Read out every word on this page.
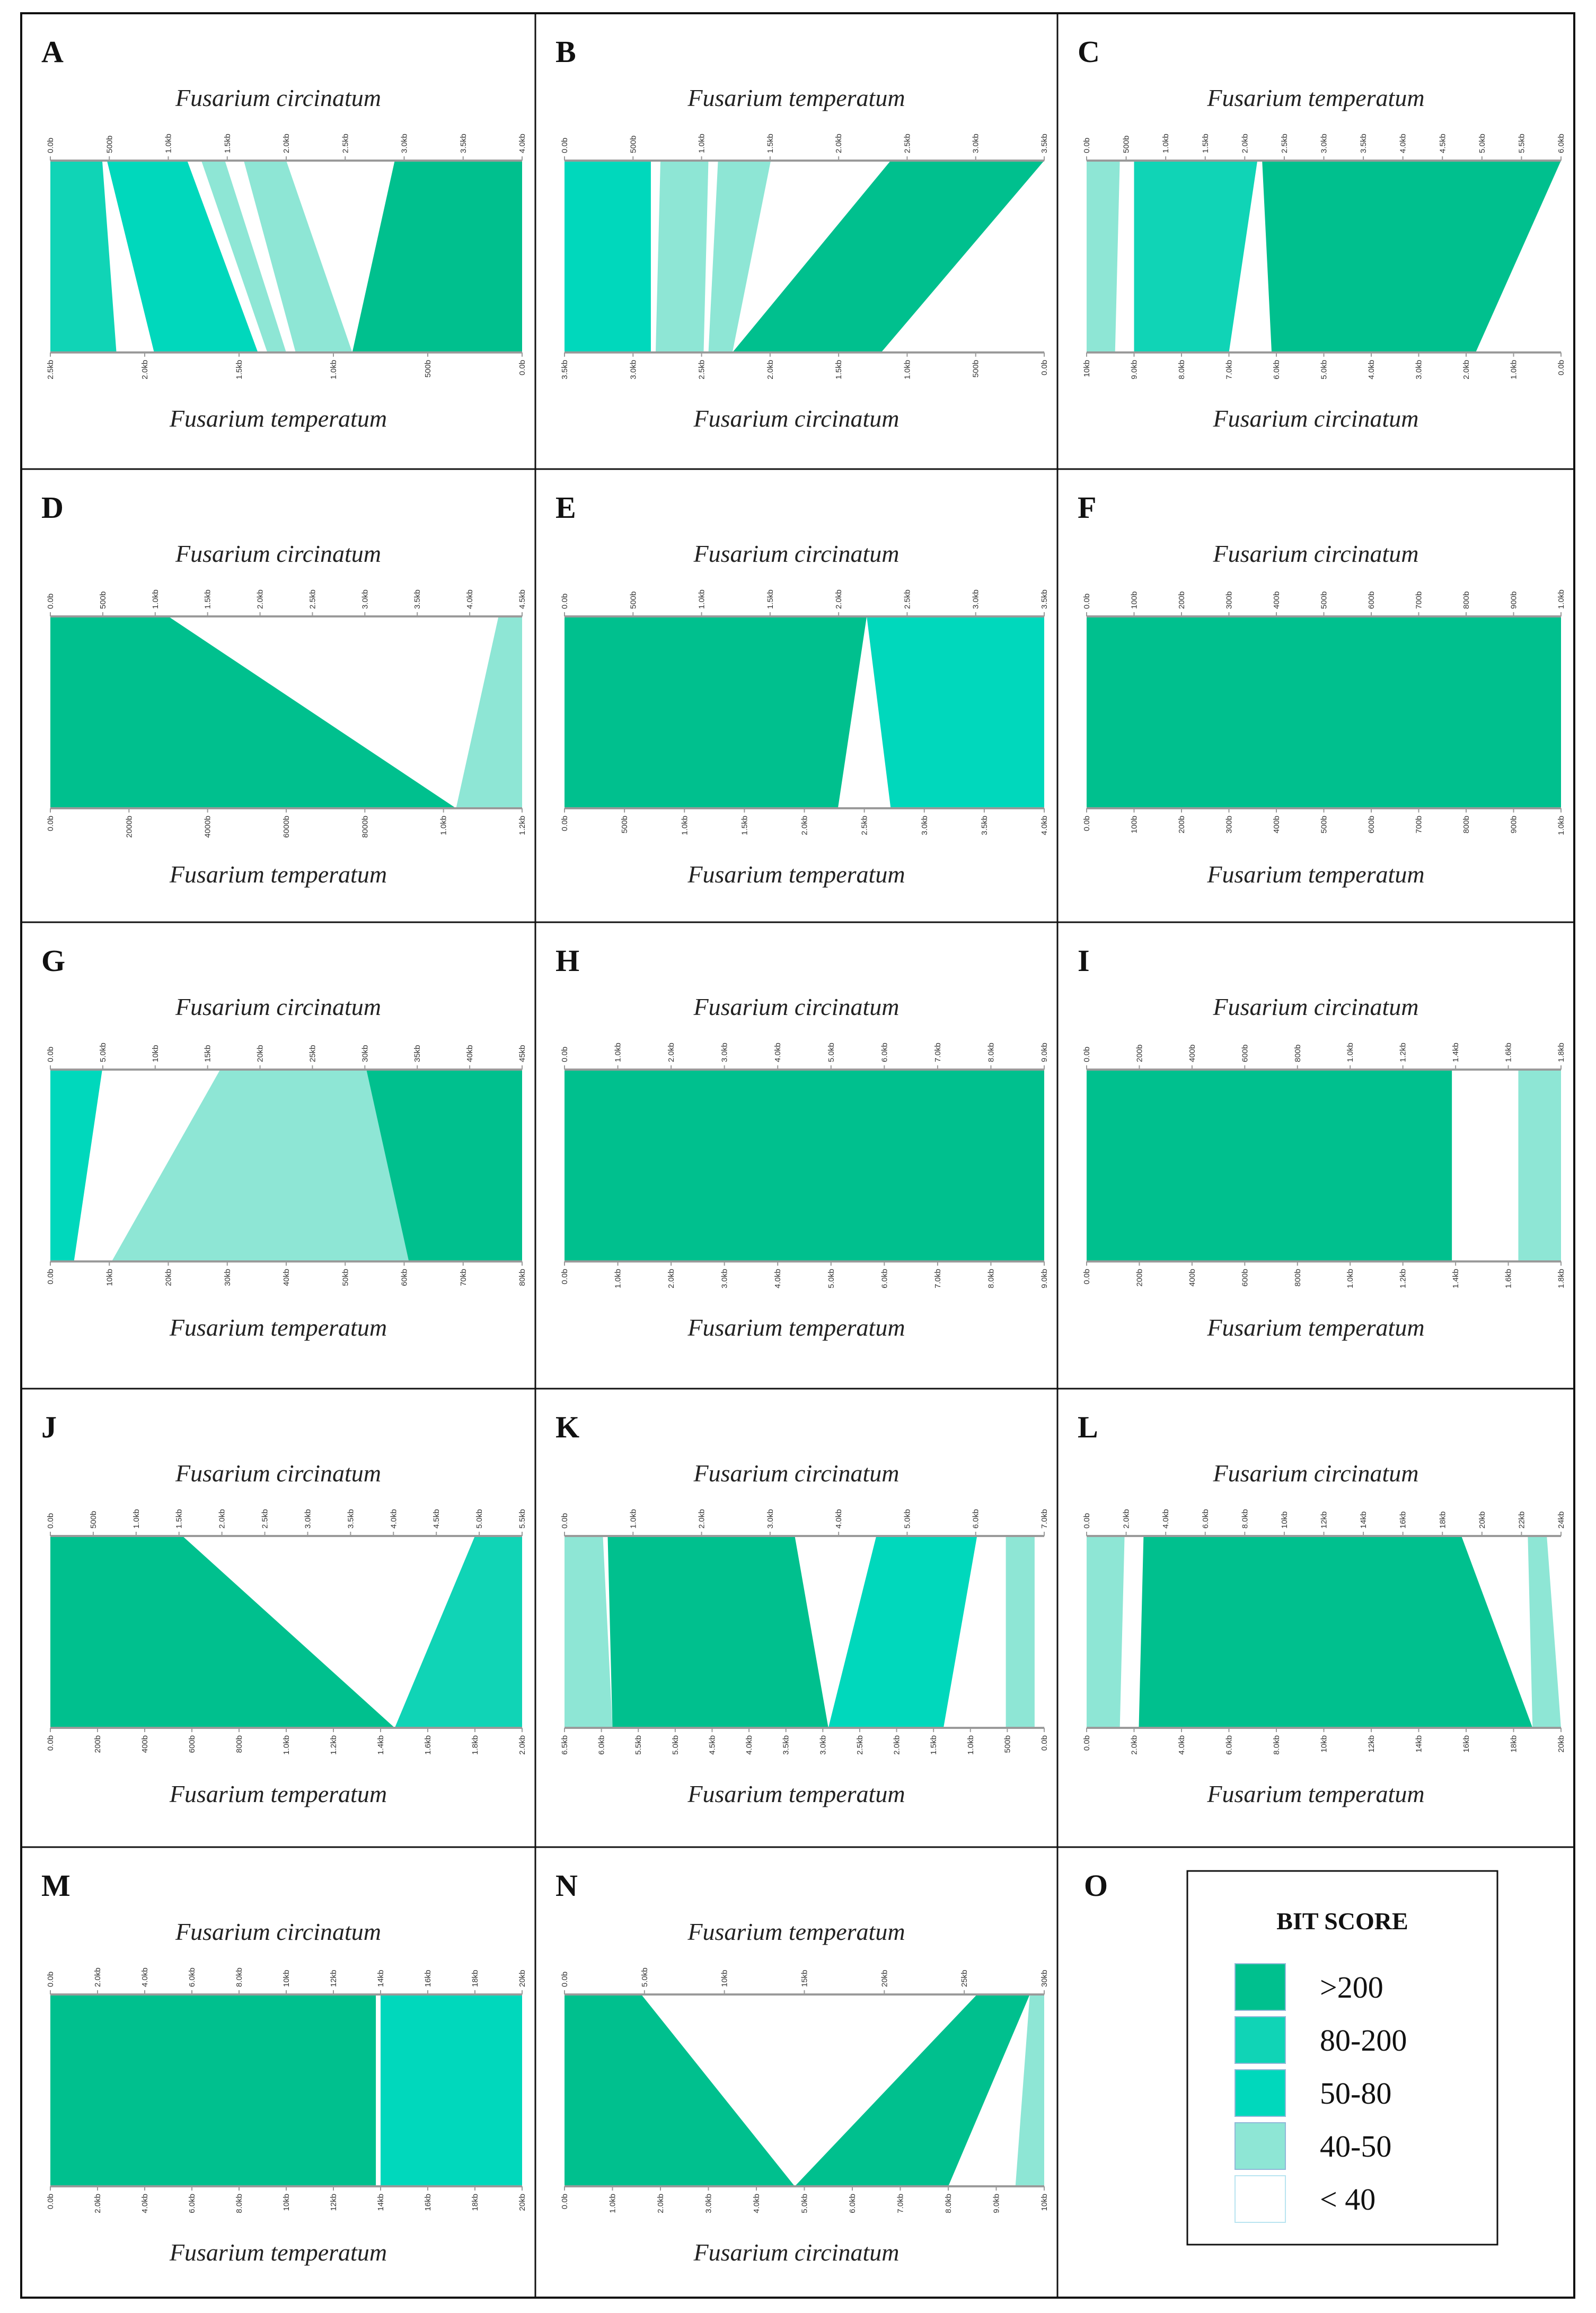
A
Fusarium circinatum
Fusarium temperatum
0.0b	500b	1.0kb	1.5kb	2.0kb	2.5kb	3.0kb	3.5kb	4.0kb
2.5kb	2.0kb	1.5kb	1.0kb	500b	0.0b
B
Fusarium temperatum
Fusarium circinatum
0.0b	500b	1.0kb	1.5kb	2.0kb	2.5kb	3.0kb	3.5kb
3.5kb	3.0kb	2.5kb	2.0kb	1.5kb	1.0kb	500b	0.0b
C
Fusarium temperatum
Fusarium circinatum
0.0b	500b	1.0kb	1.5kb	2.0kb	2.5kb	3.0kb	3.5kb	4.0kb	4.5kb	5.0kb	5.5kb	6.0kb
10kb	9.0kb	8.0kb	7.0kb	6.0kb	5.0kb	4.0kb	3.0kb	2.0kb	1.0kb	0.0b
D
Fusarium circinatum
Fusarium temperatum
0.0b	500b	1.0kb	1.5kb	2.0kb	2.5kb	3.0kb	3.5kb	4.0kb	4.5kb
0.0b	2000b	4000b	6000b	8000b	1.0kb	1.2kb
E
Fusarium circinatum
Fusarium temperatum
0.0b	500b	1.0kb	1.5kb	2.0kb	2.5kb	3.0kb	3.5kb
0.0b	500b	1.0kb	1.5kb	2.0kb	2.5kb	3.0kb	3.5kb	4.0kb
F
Fusarium circinatum
Fusarium temperatum
0.0b	100b	200b	300b	400b	500b	600b	700b	800b	900b	1.0kb
0.0b	100b	200b	300b	400b	500b	600b	700b	800b	900b	1.0kb
G
Fusarium circinatum
Fusarium temperatum
0.0b	5.0kb	10kb	15kb	20kb	25kb	30kb	35kb	40kb	45kb
0.0b	10kb	20kb	30kb	40kb	50kb	60kb	70kb	80kb
H
Fusarium circinatum
Fusarium temperatum
0.0b	1.0kb	2.0kb	3.0kb	4.0kb	5.0kb	6.0kb	7.0kb	8.0kb	9.0kb
0.0b	1.0kb	2.0kb	3.0kb	4.0kb	5.0kb	6.0kb	7.0kb	8.0kb	9.0kb
I
Fusarium circinatum
Fusarium temperatum
0.0b	200b	400b	600b	800b	1.0kb	1.2kb	1.4kb	1.6kb	1.8kb
0.0b	200b	400b	600b	800b	1.0kb	1.2kb	1.4kb	1.6kb	1.8kb
J
Fusarium circinatum
Fusarium temperatum
0.0b	500b	1.0kb	1.5kb	2.0kb	2.5kb	3.0kb	3.5kb	4.0kb	4.5kb	5.0kb	5.5kb
0.0b	200b	400b	600b	800b	1.0kb	1.2kb	1.4kb	1.6kb	1.8kb	2.0kb
K
Fusarium circinatum
Fusarium temperatum
0.0b	1.0kb	2.0kb	3.0kb	4.0kb	5.0kb	6.0kb	7.0kb
6.5kb	6.0kb	5.5kb	5.0kb	4.5kb	4.0kb	3.5kb	3.0kb	2.5kb	2.0kb	1.5kb	1.0kb	500b	0.0b
L
Fusarium circinatum
Fusarium temperatum
0.0b	2.0kb	4.0kb	6.0kb	8.0kb	10kb	12kb	14kb	16kb	18kb	20kb	22kb	24kb
0.0b	2.0kb	4.0kb	6.0kb	8.0kb	10kb	12kb	14kb	16kb	18kb	20kb
M
Fusarium circinatum
Fusarium temperatum
0.0b	2.0kb	4.0kb	6.0kb	8.0kb	10kb	12kb	14kb	16kb	18kb	20kb
0.0b	2.0kb	4.0kb	6.0kb	8.0kb	10kb	12kb	14kb	16kb	18kb	20kb
N
Fusarium temperatum
Fusarium circinatum
0.0b	5.0kb	10kb	15kb	20kb	25kb	30kb
0.0b	1.0kb	2.0kb	3.0kb	4.0kb	5.0kb	6.0kb	7.0kb	8.0kb	9.0kb	10kb
O
BIT SCORE
>200
80-200
50-80
40-50
< 40
